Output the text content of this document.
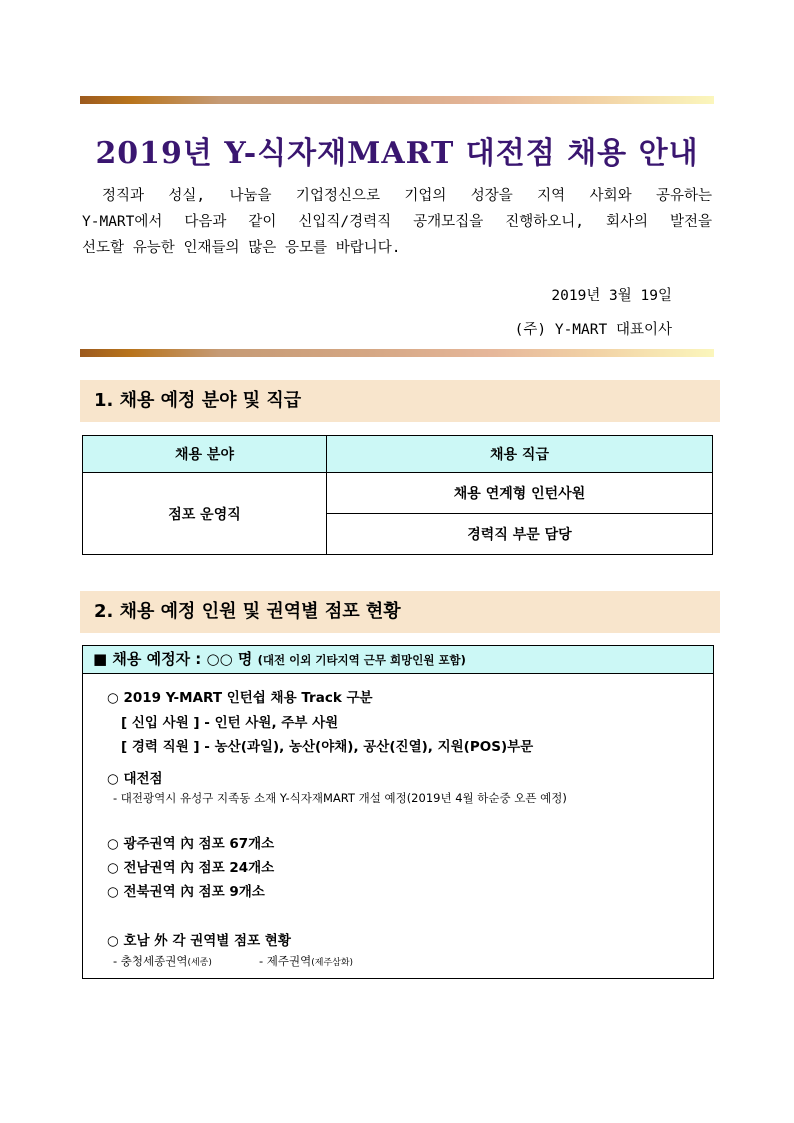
2019년 Y-식자재MART 대전점 채용 안내

정직과 성실, 나눔을 기업정신으로 기업의 성장을 지역 사회와 공유하는
Y-MART에서 다음과 같이 신입직/경력직 공개모집을 진행하오니, 회사의 발전을
선도할 유능한 인재들의 많은 응모를 바랍니다.

2019년 3월 19일
(주) Y-MART 대표이사
1. 채용 예정 분야 및 직급
채용 분야	채용 직급
점포 운영직	채용 연계형 인턴사원
	경력직 부문 담당
2. 채용 예정 인원 및 권역별 점포 현황
■ 채용 예정자 : ○○ 명 (대전 이외 기타지역 근무 희망인원 포함)
○ 2019 Y-MART 인턴쉽 채용 Track 구분
[ 신입 사원 ] - 인턴 사원, 주부 사원
[ 경력 직원 ] - 농산(과일), 농산(야채), 공산(진열), 지원(POS)부문
○ 대전점
- 대전광역시 유성구 지족동 소재 Y-식자재MART 개설 예정(2019년 4월 하순중 오픈 예정)
○ 광주권역 內 점포 67개소
○ 전남권역 內 점포 24개소
○ 전북권역 內 점포 9개소
○ 호남 外 각 권역별 점포 현황
- 충청세종권역(세종)	- 제주권역(제주삼화)
